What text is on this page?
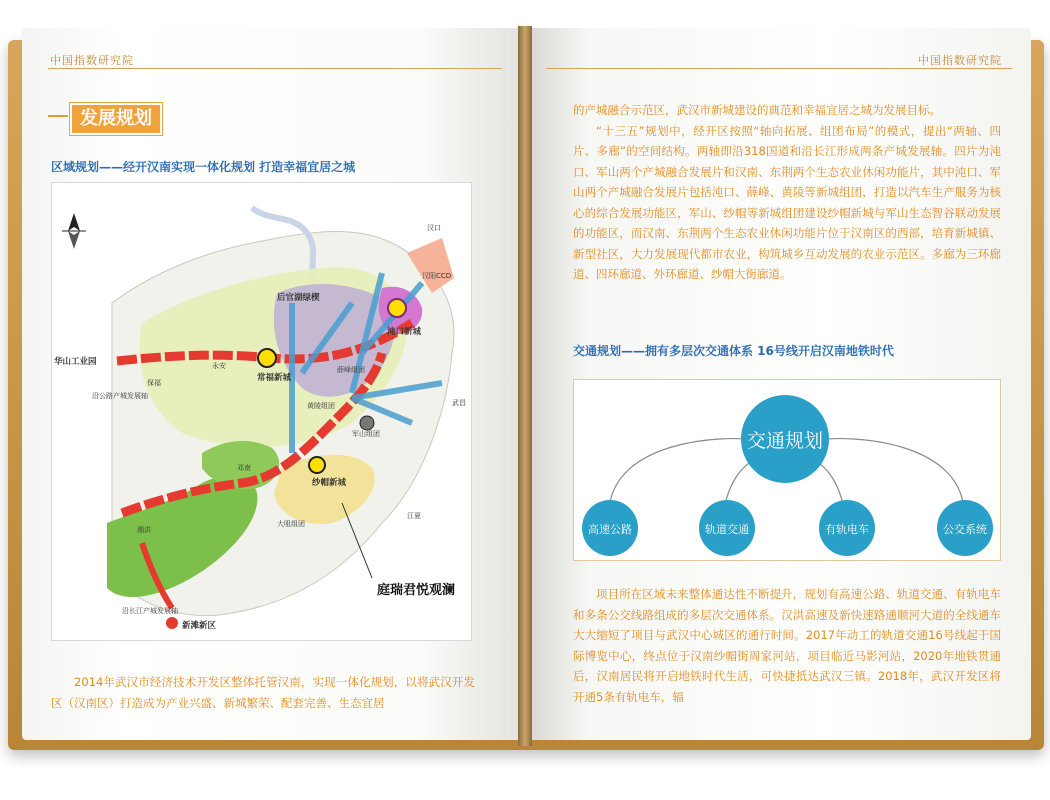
中国指数研究院	中国指数研究院
发展规划
区域规划——经开汉南实现一体化规划 打造幸福宜居之城
华山工业园
保福
永安
常福新城
薛峰组团
黄陵组团
军山组团
纱帽新城
沌口新城
邓南
湘洪
大咀组团
江夏
汉阳CCD
汉口
武昌
后官湖绿楔
沿公路产城发展轴
沿长江产城发展轴
新滩新区
庭瑞君悦观澜

2014年武汉市经济技术开发区整体托管汉南，实现一体化规划，以将武汉开发区（汉南区）打造成为产业兴盛、新城繁荣、配套完善、生态宜居

的产城融合示范区，武汉市新城建设的典范和幸福宜居之城为发展目标。

“十三五”规划中，经开区按照“轴向拓展、组团布局”的模式，提出“两轴、四片、多廊”的空间结构。两轴即沿318国道和沿长江形成两条产城发展轴。四片为沌口、军山两个产城融合发展片和汉南、东荆两个生态农业休闲功能片，其中沌口、军山两个产城融合发展片包括沌口、薛峰、黄陵等新城组团，打造以汽车生产服务为核心的综合发展功能区，军山、纱帽等新城组团建设纱帽新城与军山生态智谷联动发展的功能区，而汉南、东荆两个生态农业休闲功能片位于汉南区的西部，培育新城镇、新型社区，大力发展现代都市农业，构筑城乡互动发展的农业示范区。多廊为三环廊道、四环廊道、外环廊道、纱帽大街廊道。

交通规划——拥有多层次交通体系 16号线开启汉南地铁时代
交通规划
高速公路	轨道交通	有轨电车	公交系统

项目所在区域未来整体通达性不断提升，规划有高速公路、轨道交通、有轨电车和多条公交线路组成的多层次交通体系。汉洪高速及新快速路通顺河大道的全线通车大大缩短了项目与武汉中心城区的通行时间。2017年动工的轨道交通16号线起于国际博览中心，终点位于汉南纱帽街周家河站，项目临近马影河站，2020年地铁贯通后，汉南居民将开启地铁时代生活，可快捷抵达武汉三镇。2018年，武汉开发区将开通5条有轨电车，辐
